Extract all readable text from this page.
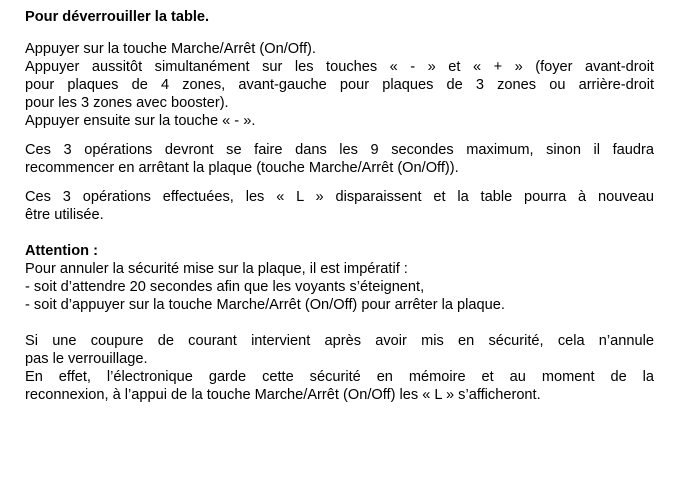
Pour déverrouiller la table.
Appuyer sur la touche Marche/Arrêt (On/Off).
Appuyer aussitôt simultanément sur les touches « - » et « + » (foyer avant-droit
pour plaques de 4 zones, avant-gauche pour plaques de 3 zones ou arrière-droit
pour les 3 zones avec booster).
Appuyer ensuite sur la touche « - ».
Ces 3 opérations devront se faire dans les 9 secondes maximum, sinon il faudra
recommencer en arrêtant la plaque (touche Marche/Arrêt (On/Off)).
Ces 3 opérations effectuées, les « L » disparaissent et la table pourra à nouveau
être utilisée.
Attention :
Pour annuler la sécurité mise sur la plaque, il est impératif :
- soit d’attendre 20 secondes afin que les voyants s’éteignent,
- soit d’appuyer sur la touche Marche/Arrêt (On/Off) pour arrêter la plaque.
Si une coupure de courant intervient après avoir mis en sécurité, cela n’annule
pas le verrouillage.
En effet, l’électronique garde cette sécurité en mémoire et au moment de la
reconnexion, à l’appui de la touche Marche/Arrêt (On/Off) les « L » s’afficheront.
